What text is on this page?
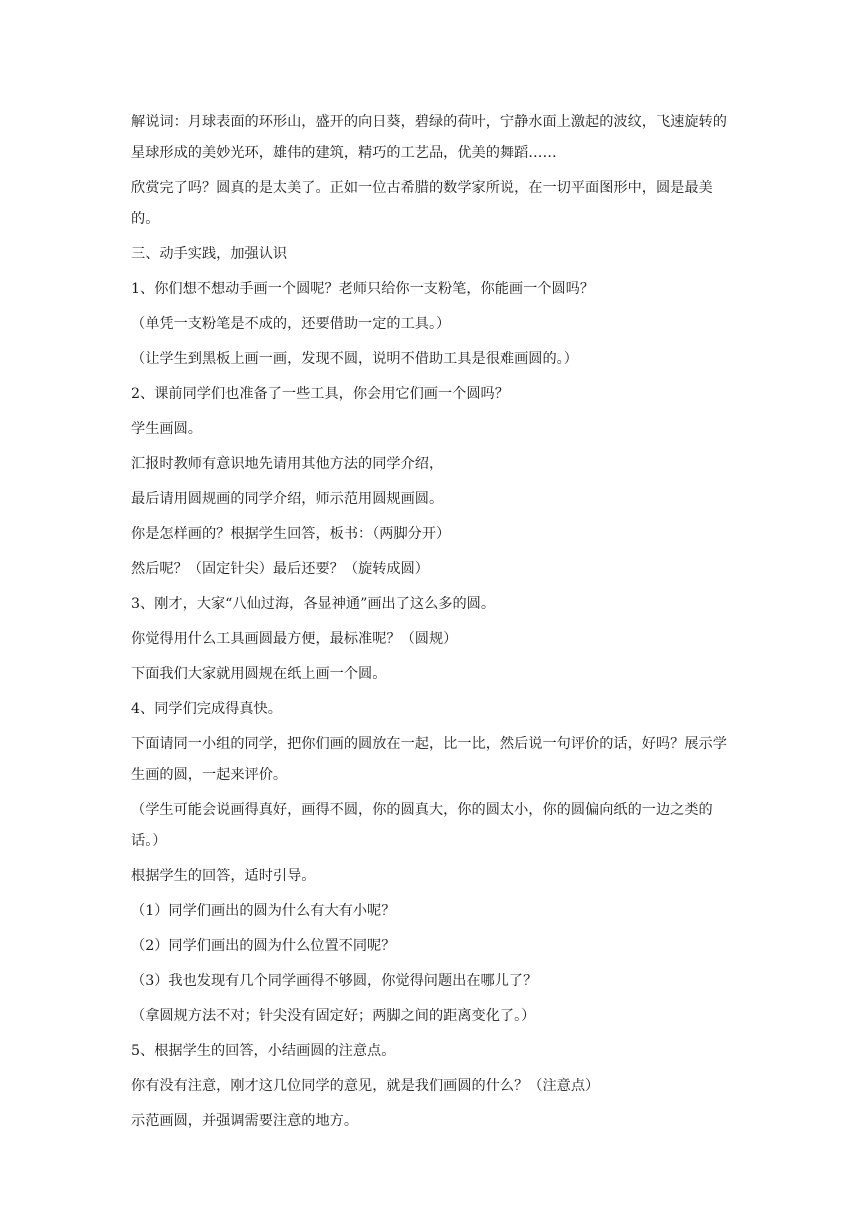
解说词：月球表面的环形山，盛开的向日葵，碧绿的荷叶，宁静水面上激起的波纹，飞速旋转的星球形成的美妙光环，雄伟的建筑，精巧的工艺品，优美的舞蹈……

欣赏完了吗？圆真的是太美了。正如一位古希腊的数学家所说，在一切平面图形中，圆是最美的。

三、动手实践，加强认识

1、你们想不想动手画一个圆呢？老师只给你一支粉笔，你能画一个圆吗？

（单凭一支粉笔是不成的，还要借助一定的工具。）

（让学生到黑板上画一画，发现不圆，说明不借助工具是很难画圆的。）

2、课前同学们也准备了一些工具，你会用它们画一个圆吗？

学生画圆。

汇报时教师有意识地先请用其他方法的同学介绍，

最后请用圆规画的同学介绍，师示范用圆规画圆。

你是怎样画的？根据学生回答，板书：（两脚分开）

然后呢？（固定针尖）最后还要？（旋转成圆）

3、刚才，大家“八仙过海，各显神通”画出了这么多的圆。

你觉得用什么工具画圆最方便，最标准呢？（圆规）

下面我们大家就用圆规在纸上画一个圆。

4、同学们完成得真快。

下面请同一小组的同学，把你们画的圆放在一起，比一比，然后说一句评价的话，好吗？展示学生画的圆，一起来评价。

（学生可能会说画得真好，画得不圆，你的圆真大，你的圆太小，你的圆偏向纸的一边之类的话。）

根据学生的回答，适时引导。

（1）同学们画出的圆为什么有大有小呢？

（2）同学们画出的圆为什么位置不同呢？

（3）我也发现有几个同学画得不够圆，你觉得问题出在哪儿了？

（拿圆规方法不对；针尖没有固定好；两脚之间的距离变化了。）

5、根据学生的回答，小结画圆的注意点。

你有没有注意，刚才这几位同学的意见，就是我们画圆的什么？（注意点）

示范画圆，并强调需要注意的地方。
